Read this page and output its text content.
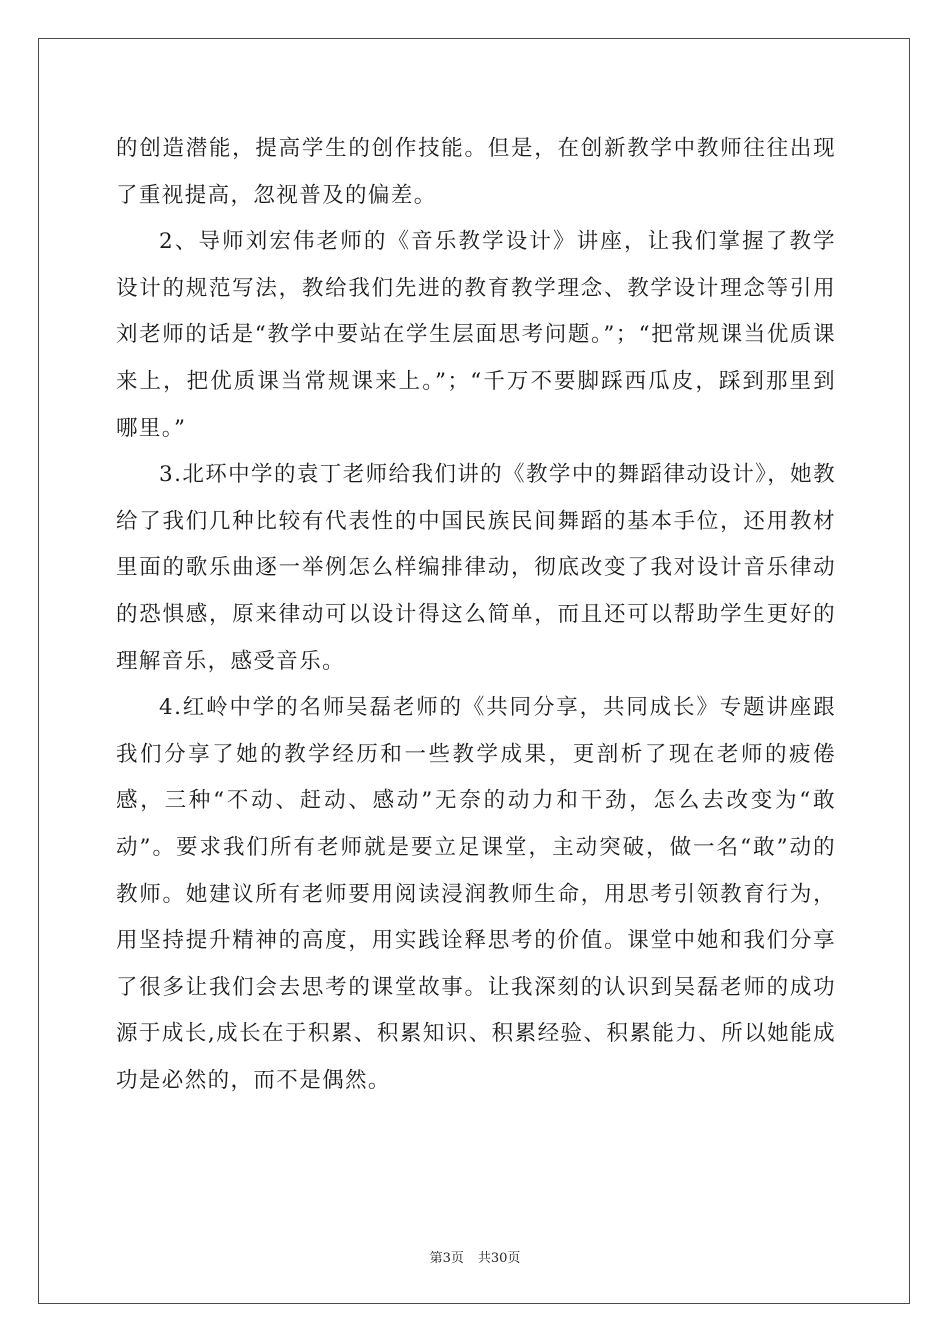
的创造潜能，提高学生的创作技能。但是，在创新教学中教师往往出现了重视提高，忽视普及的偏差。

2、导师刘宏伟老师的《音乐教学设计》讲座，让我们掌握了教学设计的规范写法，教给我们先进的教育教学理念、教学设计理念等引用刘老师的话是“教学中要站在学生层面思考问题。”；“把常规课当优质课来上，把优质课当常规课来上。”；“千万不要脚踩西瓜皮，踩到那里到哪里。”

3.北环中学的袁丁老师给我们讲的《教学中的舞蹈律动设计》，她教给了我们几种比较有代表性的中国民族民间舞蹈的基本手位，还用教材里面的歌乐曲逐一举例怎么样编排律动，彻底改变了我对设计音乐律动的恐惧感，原来律动可以设计得这么简单，而且还可以帮助学生更好的理解音乐，感受音乐。

4.红岭中学的名师吴磊老师的《共同分享，共同成长》专题讲座跟我们分享了她的教学经历和一些教学成果，更剖析了现在老师的疲倦感，三种“不动、赶动、感动”无奈的动力和干劲，怎么去改变为“敢动”。要求我们所有老师就是要立足课堂，主动突破，做一名“敢”动的教师。她建议所有老师要用阅读浸润教师生命，用思考引领教育行为，用坚持提升精神的高度，用实践诠释思考的价值。课堂中她和我们分享了很多让我们会去思考的课堂故事。让我深刻的认识到吴磊老师的成功源于成长,成长在于积累、积累知识、积累经验、积累能力、所以她能成功是必然的，而不是偶然。

第3页 共30页
